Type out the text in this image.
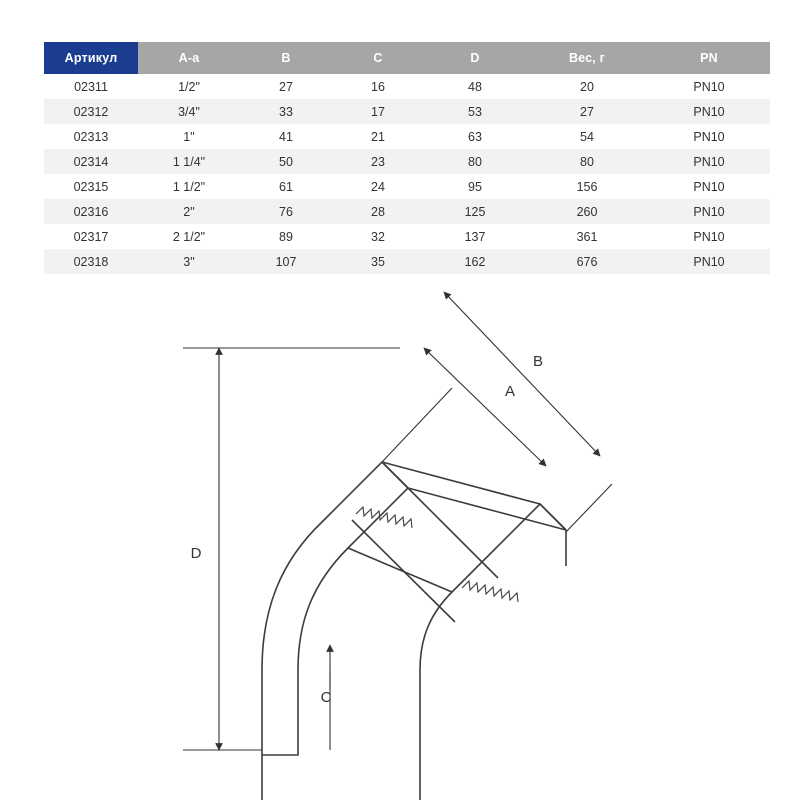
Артикул	A-a	B	C	D	Вес, г	PN
02311	1/2"	27	16	48	20	PN10
02312	3/4"	33	17	53	27	PN10
02313	1"	41	21	63	54	PN10
02314	1 1/4"	50	23	80	80	PN10
02315	1 1/2"	61	24	95	156	PN10
02316	2"	76	28	125	260	PN10
02317	2 1/2"	89	32	137	361	PN10
02318	3"	107	35	162	676	PN10
D
C
A
B
